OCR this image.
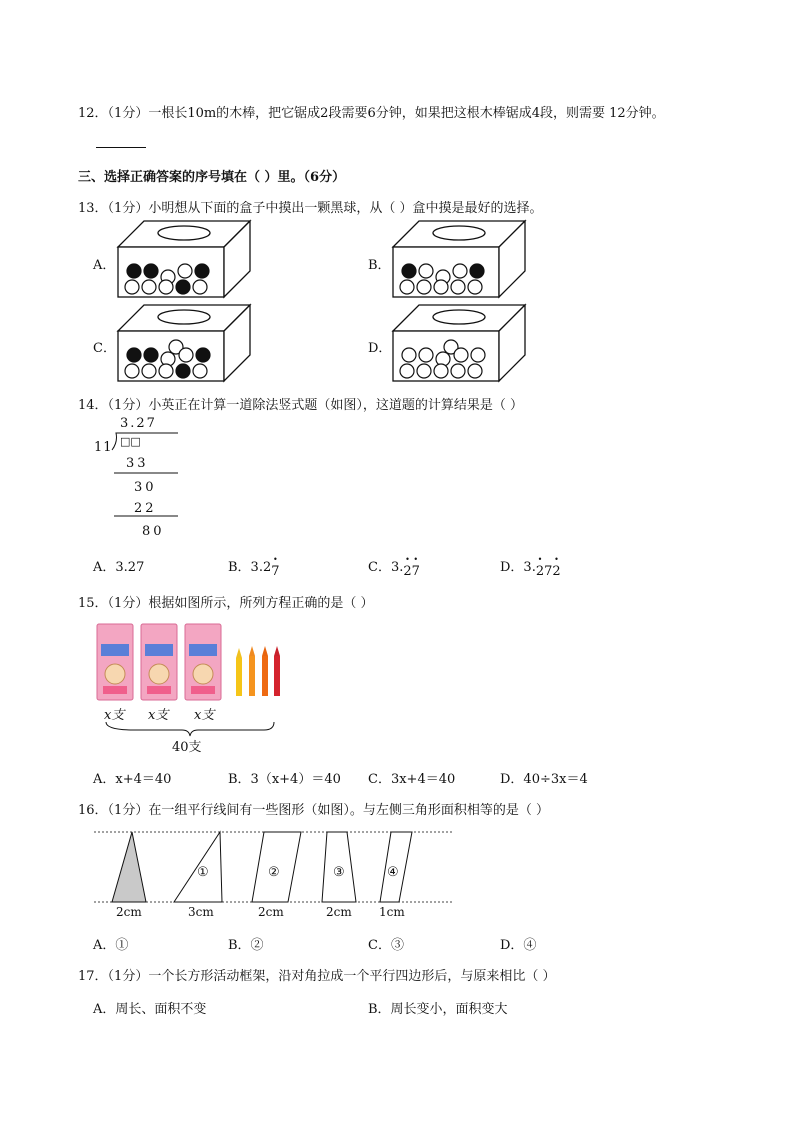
12．（1分）一根长10m的木棒，把它锯成2段需要6分钟，如果把这根木棒锯成4段，则需要 12分钟。
三、选择正确答案的序号填在（ ）里。（6分）
13．（1分）小明想从下面的盒子中摸出一颗黑球，从（ ）盒中摸是最好的选择。
A．	B．
C．	D．
14．（1分）小英正在计算一道除法竖式题（如图），这道题的计算结果是（ ）
3.27
11 □□
33
30
22
80
A．3.27	B．3.27 •	C．3.2 •7 •	D．3.2 •72 •
15．（1分）根据如图所示，所列方程正确的是（ ）
x支 x支 x支
40支
A．x+4＝40	B．3（x+4）＝40 C．3x+4＝40	D．40÷3x＝4
16．（1分）在一组平行线间有一些图形（如图）。与左侧三角形面积相等的是（ ）
①	②	③	④
2cm	3cm	2cm	2cm 1cm
A．①	B．②	C．③	D．④
17．（1分）一个长方形活动框架，沿对角拉成一个平行四边形后，与原来相比（ ）
A．周长、面积不变	B．周长变小，面积变大
